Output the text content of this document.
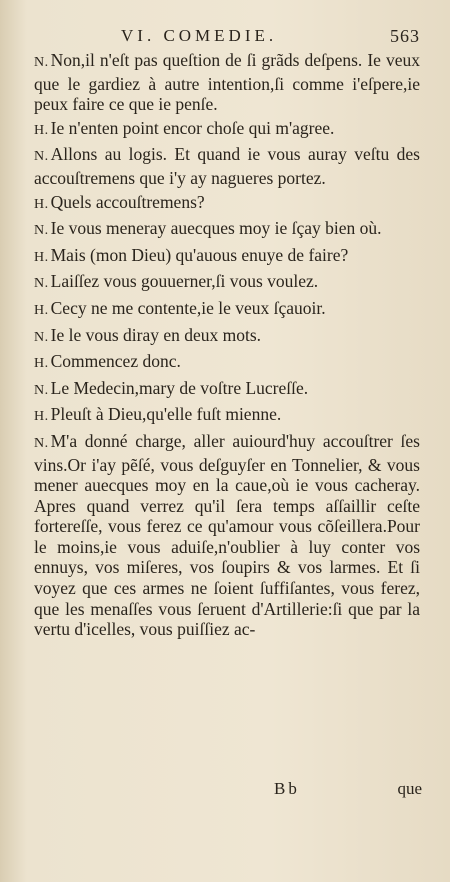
VI. COMEDIE.	563

N. Non,il n'eſt pas queſtion de ſi grãds deſpens. Ie veux que le gardiez à autre intention,ſi comme i'eſpere,ie peux faire ce que ie penſe.

H. Ie n'enten point encor choſe qui m'agree.

N. Allons au logis. Et quand ie vous auray veſtu des accouſtremens que i'y ay nagueres portez.

H. Quels accouſtremens?

N. Ie vous meneray auecques moy ie ſçay bien où.

H. Mais (mon Dieu) qu'auous enuye de faire?

N. Laiſſez vous gouuerner,ſi vous voulez.

H. Cecy ne me contente,ie le veux ſçauoir.

N. Ie le vous diray en deux mots.

H. Commencez donc.

N. Le Medecin,mary de voſtre Lucreſſe.

H. Pleuſt à Dieu,qu'elle fuſt mienne.

N. M'a donné charge, aller auiourd'huy accouſtrer ſes vins.Or i'ay pẽſé, vous deſguyſer en Tonnelier, & vous mener auecques moy en la caue,où ie vous cacheray. Apres quand verrez qu'il ſera temps aſſaillir ceſte forterеſſe, vous ferez ce qu'amour vous cõſeillera.Pour le moins,ie vous aduiſe,n'oublier à luy conter vos ennuys, vos miſeres, vos ſoupirs & vos larmes. Et ſi voyez que ces armes ne ſoient ſuffiſantes, vous ferez, que les menaſſes vous ſeruent d'Artillerie:ſi que par la vertu d'icelles, vous puiſſiez ac-

Bb	que
